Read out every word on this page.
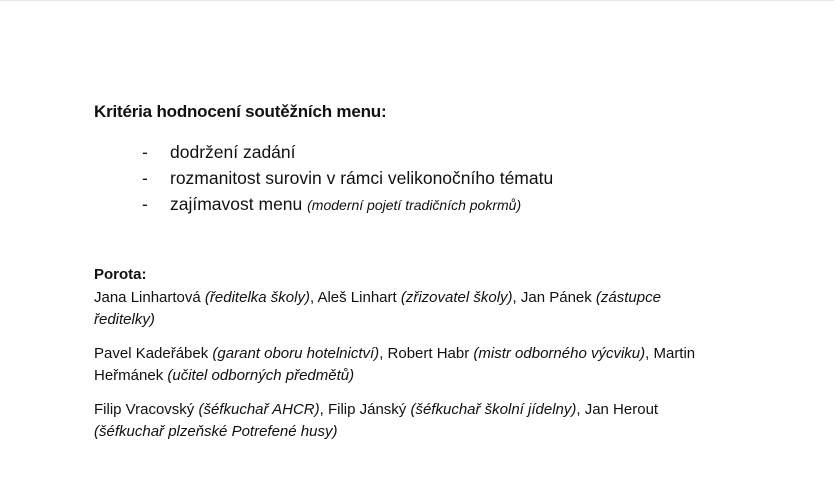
Kritéria hodnocení soutěžních menu:
- dodržení zadání
- rozmanitost surovin v rámci velikonočního tématu
- zajímavost menu (moderní pojetí tradičních pokrmů)
Porota:
Jana Linhartová (ředitelka školy), Aleš Linhart (zřizovatel školy), Jan Pánek (zástupce ředitelky)
Pavel Kadeřábek (garant oboru hotelnictví), Robert Habr (mistr odborného výcviku), Martin Heřmánek (učitel odborných předmětů)
Filip Vracovský (šéfkuchař AHCR), Filip Jánský (šéfkuchař školní jídelny), Jan Herout (šéfkuchař plzeňské Potrefené husy)
